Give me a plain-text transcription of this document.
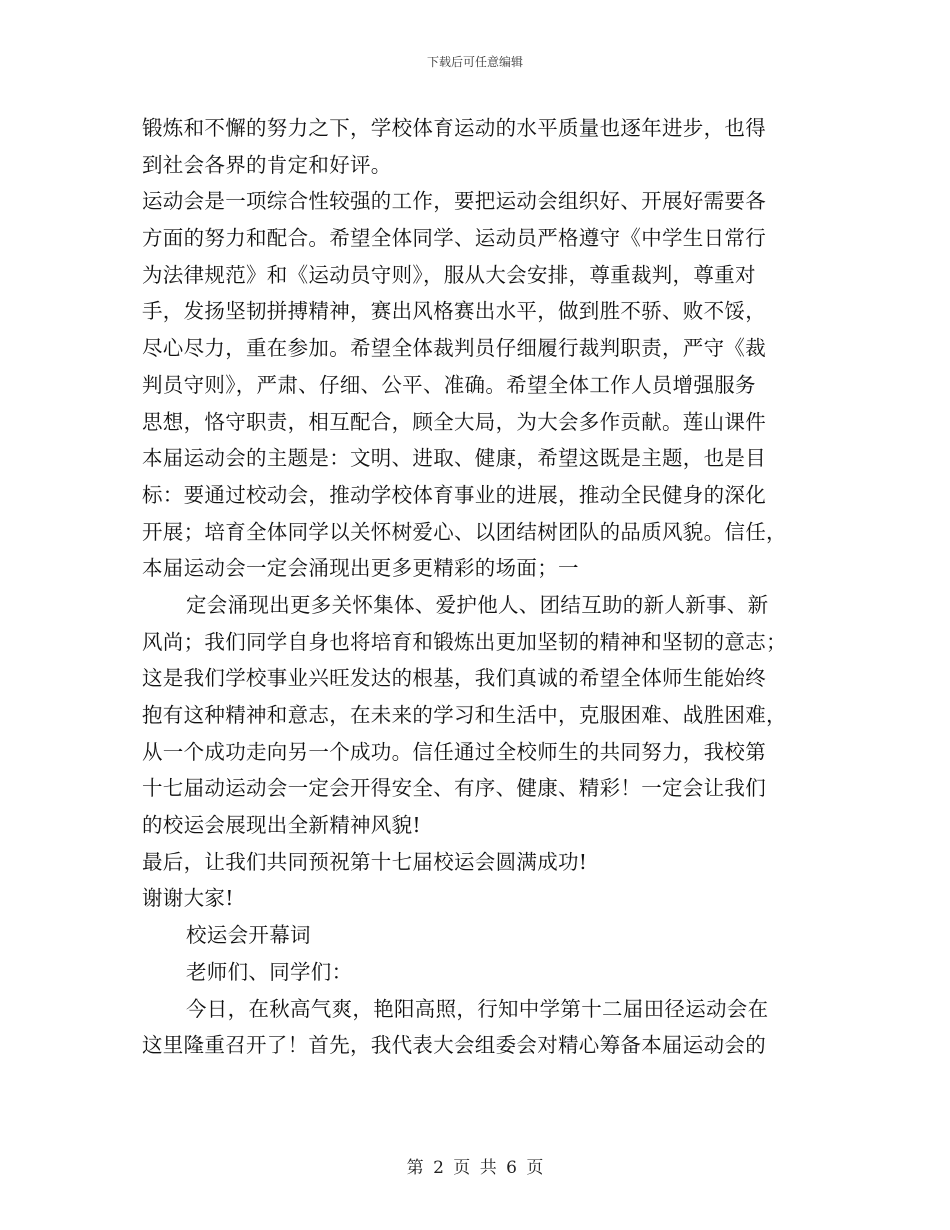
下载后可任意编辑
锻炼和不懈的努力之下，学校体育运动的水平质量也逐年进步，也得
到社会各界的肯定和好评。
运动会是一项综合性较强的工作，要把运动会组织好、开展好需要各
方面的努力和配合。希望全体同学、运动员严格遵守《中学生日常行
为法律规范》和《运动员守则》，服从大会安排，尊重裁判，尊重对
手，发扬坚韧拼搏精神，赛出风格赛出水平，做到胜不骄、败不馁，
尽心尽力，重在参加。希望全体裁判员仔细履行裁判职责，严守《裁
判员守则》，严肃、仔细、公平、准确。希望全体工作人员增强服务
思想，恪守职责，相互配合，顾全大局，为大会多作贡献。莲山课件
本届运动会的主题是：文明、进取、健康，希望这既是主题，也是目
标：要通过校动会，推动学校体育事业的进展，推动全民健身的深化
开展；培育全体同学以关怀树爱心、以团结树团队的品质风貌。信任，
本届运动会一定会涌现出更多更精彩的场面；一
定会涌现出更多关怀集体、爱护他人、团结互助的新人新事、新
风尚；我们同学自身也将培育和锻炼出更加坚韧的精神和坚韧的意志；
这是我们学校事业兴旺发达的根基，我们真诚的希望全体师生能始终
抱有这种精神和意志，在未来的学习和生活中，克服困难、战胜困难，
从一个成功走向另一个成功。信任通过全校师生的共同努力，我校第
十七届动运动会一定会开得安全、有序、健康、精彩！一定会让我们
的校运会展现出全新精神风貌!
最后，让我们共同预祝第十七届校运会圆满成功!
谢谢大家!
校运会开幕词
老师们、同学们：
今日，在秋高气爽，艳阳高照，行知中学第十二届田径运动会在
这里隆重召开了！首先，我代表大会组委会对精心筹备本届运动会的
第 2 页 共 6 页
